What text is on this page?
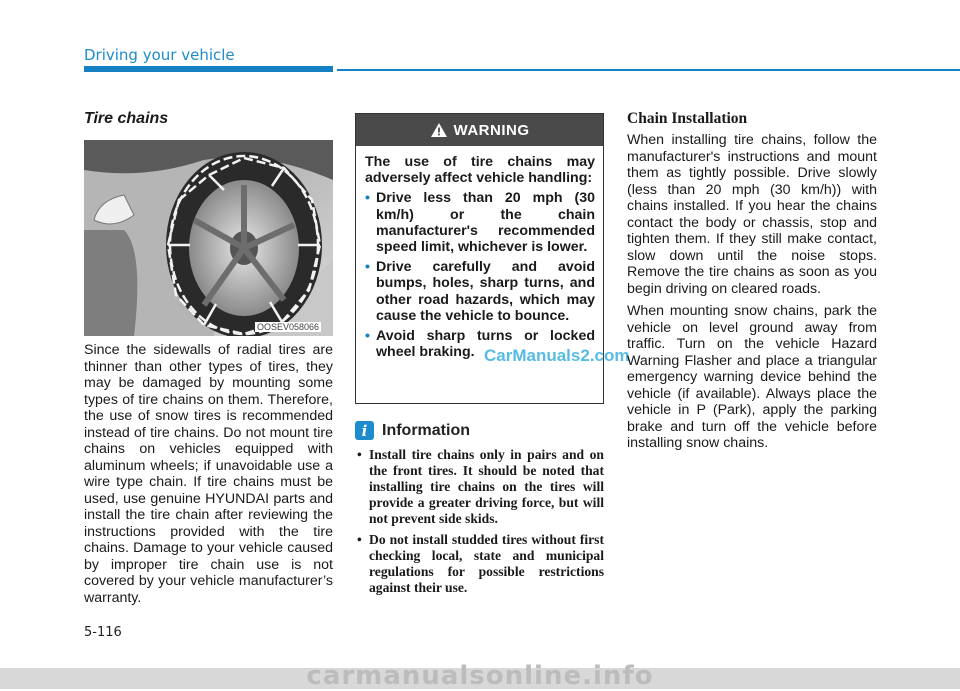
Driving your vehicle
Tire chains
OOSEV058066

Since the sidewalls of radial tires are thinner than other types of tires, they may be damaged by mounting some types of tire chains on them. Therefore, the use of snow tires is recommended instead of tire chains. Do not mount tire chains on vehicles equipped with aluminum wheels; if unavoidable use a wire type chain. If tire chains must be used, use genuine HYUNDAI parts and install the tire chain after reviewing the instructions provided with the tire chains. Damage to your vehicle caused by improper tire chain use is not covered by your vehicle manufacturer’s warranty.

WARNING

The use of tire chains may adversely affect vehicle handling:

• Drive less than 20 mph (30 km/h) or the chain manufacturer's recommended speed limit, whichever is lower.
• Drive carefully and avoid bumps, holes, sharp turns, and other road hazards, which may cause the vehicle to bounce.
• Avoid sharp turns or locked wheel braking. CarManuals2.com
i Information
• Install tire chains only in pairs and on the front tires. It should be noted that installing tire chains on the tires will provide a greater driving force, but will not prevent side skids.
• Do not install studded tires without first checking local, state and municipal regulations for possible restrictions against their use.
Chain Installation

When installing tire chains, follow the manufacturer's instructions and mount them as tightly possible. Drive slowly (less than 20 mph (30 km/h)) with chains installed. If you hear the chains contact the body or chassis, stop and tighten them. If they still make contact, slow down until the noise stops. Remove the tire chains as soon as you begin driving on cleared roads.

When mounting snow chains, park the vehicle on level ground away from traffic. Turn on the vehicle Hazard Warning Flasher and place a triangular emergency warning device behind the vehicle (if available). Always place the vehicle in P (Park), apply the parking brake and turn off the vehicle before installing snow chains.

5-116
carmanualsonline.info
